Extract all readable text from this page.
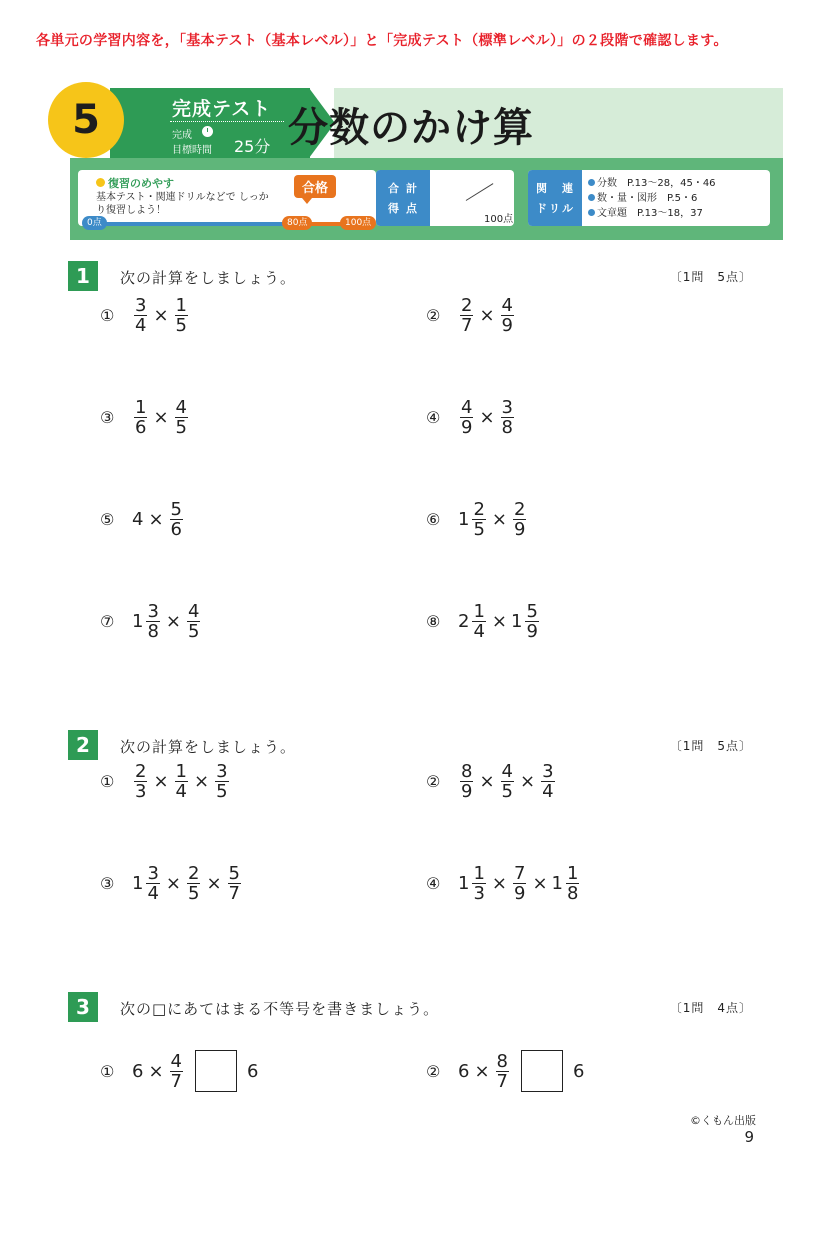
各単元の学習内容を，「基本テスト（基本レベル）」と「完成テスト（標準レベル）」の２段階で確認します。
完成テスト
完成
目標時間 25分 分数のかけ算
5
復習のめやす
基本テスト・関連ドリルなどで しっかり復習しよう！
合格
0点	80点	100点
合 計
得 点
100点
関 連
ド リ ル
分数　P.13～28，45・46
数・量・図形　P.5・6
文章題　P.13～18，37
1	次の計算をしましょう。	〔1問　5点〕
①	$\frac{3}{4} \times \frac{1}{5}$	②	$\frac{2}{7} \times \frac{4}{9}$
③	$\frac{1}{6} \times \frac{4}{5}$	④	$\frac{4}{9} \times \frac{3}{8}$
⑤ $4 \times \frac{5}{6}$	⑥ $1 \frac{2}{5} \times \frac{2}{9}$
⑦ $1 \frac{3}{8} \times \frac{4}{5}$	⑧ $2 \frac{1}{4} \times 1 \frac{5}{9}$
2	次の計算をしましょう。	〔1問　5点〕
①	$\frac{2}{3} \times \frac{1}{4} \times \frac{3}{5}$	②	$\frac{8}{9} \times \frac{4}{5} \times \frac{3}{4}$
③ $1 \frac{3}{4} \times \frac{2}{5} \times \frac{5}{7}$	④ $1 \frac{1}{3} \times \frac{7}{9} \times 1 \frac{1}{8}$
3	次の□にあてはまる不等号を書きましょう。	〔1問　4点〕
① $6 \times \frac{4}{7}$	6	② $6 \times \frac{8}{7}$	6
©くもん出版
9
